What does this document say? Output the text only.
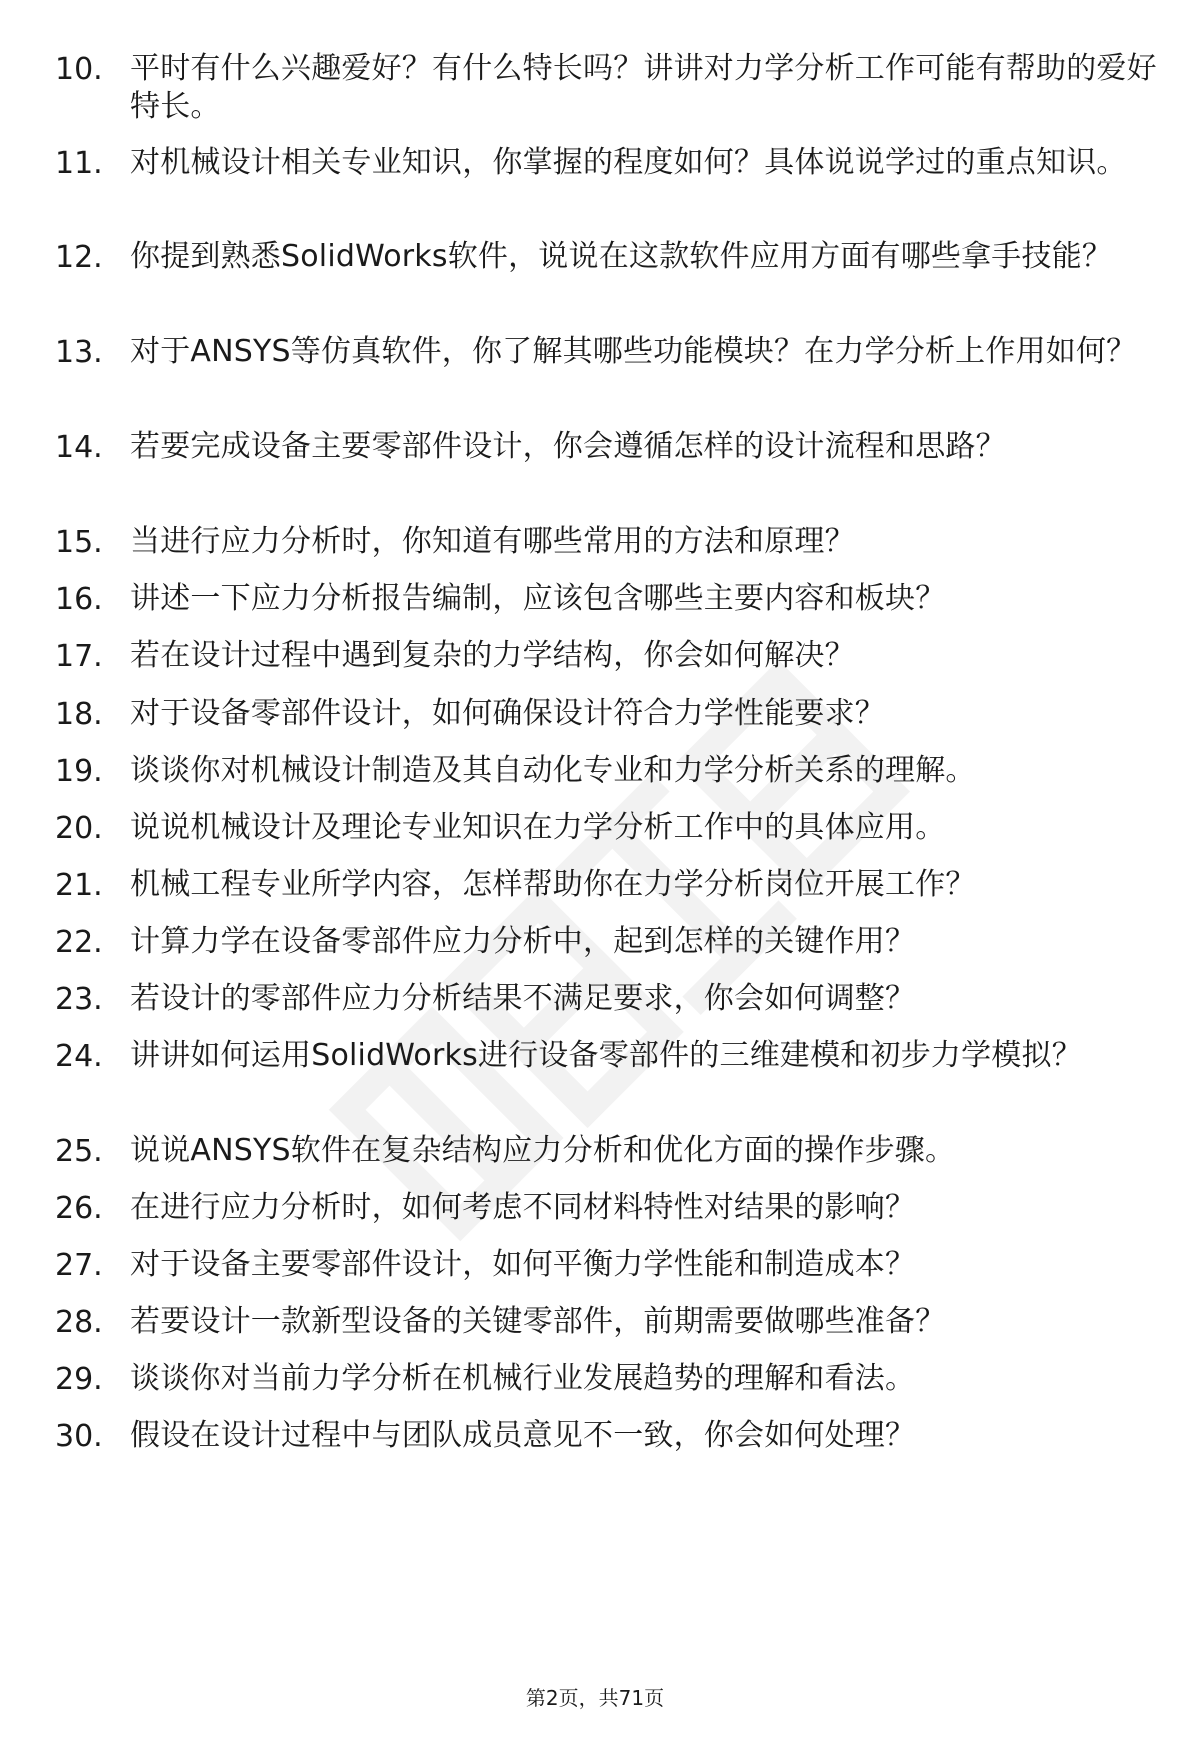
10. 平时有什么兴趣爱好？有什么特长吗？讲讲对力学分析工作可能有帮助的爱好特长。
11. 对机械设计相关专业知识，你掌握的程度如何？具体说说学过的重点知识。
12. 你提到熟悉SolidWorks软件，说说在这款软件应用方面有哪些拿手技能？
13. 对于ANSYS等仿真软件，你了解其哪些功能模块？在力学分析上作用如何？
14. 若要完成设备主要零部件设计，你会遵循怎样的设计流程和思路？
15. 当进行应力分析时，你知道有哪些常用的方法和原理？
16. 讲述一下应力分析报告编制，应该包含哪些主要内容和板块？
17. 若在设计过程中遇到复杂的力学结构，你会如何解决？
18. 对于设备零部件设计，如何确保设计符合力学性能要求？
19. 谈谈你对机械设计制造及其自动化专业和力学分析关系的理解。
20. 说说机械设计及理论专业知识在力学分析工作中的具体应用。
21. 机械工程专业所学内容，怎样帮助你在力学分析岗位开展工作？
22. 计算力学在设备零部件应力分析中，起到怎样的关键作用？
23. 若设计的零部件应力分析结果不满足要求，你会如何调整？
24. 讲讲如何运用SolidWorks进行设备零部件的三维建模和初步力学模拟？
25. 说说ANSYS软件在复杂结构应力分析和优化方面的操作步骤。
26. 在进行应力分析时，如何考虑不同材料特性对结果的影响？
27. 对于设备主要零部件设计，如何平衡力学性能和制造成本？
28. 若要设计一款新型设备的关键零部件，前期需要做哪些准备？
29. 谈谈你对当前力学分析在机械行业发展趋势的理解和看法。
30. 假设在设计过程中与团队成员意见不一致，你会如何处理？
第2页，共71页
